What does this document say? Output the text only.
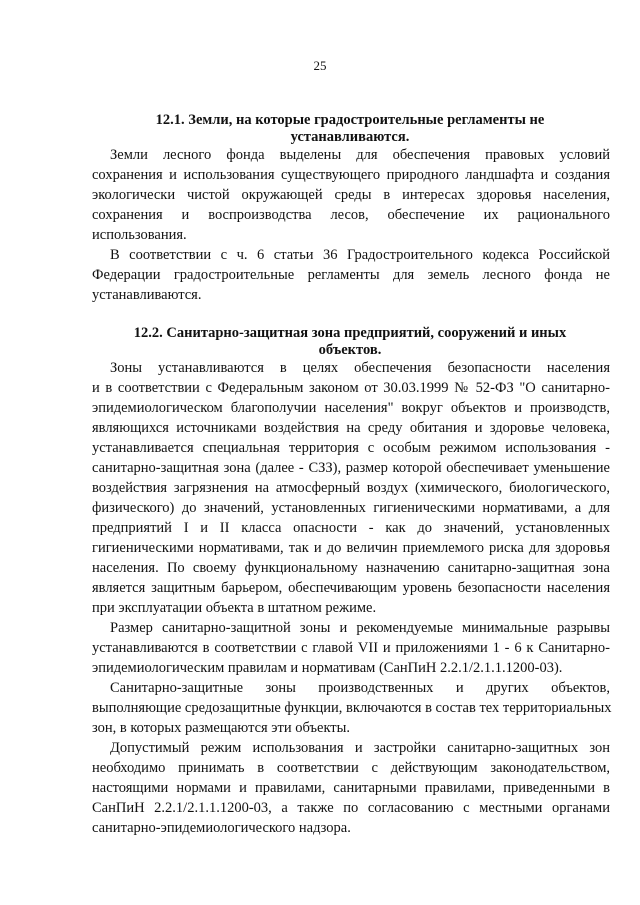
25
12.1. Земли, на которые градостроительные регламенты не
устанавливаются.
Земли лесного фонда выделены для обеспечения правовых условий
сохранения и использования существующего природного ландшафта и создания
экологически чистой окружающей среды в интересах здоровья населения,
сохранения и воспроизводства лесов, обеспечение их рационального
использования.
В соответствии с ч. 6 статьи 36 Градостроительного кодекса Российской
Федерации градостроительные регламенты для земель лесного фонда не
устанавливаются.
12.2. Санитарно-защитная зона предприятий, сооружений и иных
объектов.
Зоны устанавливаются в целях обеспечения безопасности населения
и в соответствии с Федеральным законом от 30.03.1999 № 52-ФЗ "О санитарно-
эпидемиологическом благополучии населения" вокруг объектов и производств,
являющихся источниками воздействия на среду обитания и здоровье человека,
устанавливается специальная территория с особым режимом использования -
санитарно-защитная зона (далее - СЗЗ), размер которой обеспечивает уменьшение
воздействия загрязнения на атмосферный воздух (химического, биологического,
физического) до значений, установленных гигиеническими нормативами, а для
предприятий I и II класса опасности - как до значений, установленных
гигиеническими нормативами, так и до величин приемлемого риска для здоровья
населения. По своему функциональному назначению санитарно-защитная зона
является защитным барьером, обеспечивающим уровень безопасности населения
при эксплуатации объекта в штатном режиме.
Размер санитарно-защитной зоны и рекомендуемые минимальные разрывы
устанавливаются в соответствии с главой VII и приложениями 1 - 6 к Санитарно-
эпидемиологическим правилам и нормативам (СанПиН 2.2.1/2.1.1.1200-03).
Санитарно-защитные зоны производственных и других объектов,
выполняющие средозащитные функции, включаются в состав тех территориальных
зон, в которых размещаются эти объекты.
Допустимый режим использования и застройки санитарно-защитных зон
необходимо принимать в соответствии с действующим законодательством,
настоящими нормами и правилами, санитарными правилами, приведенными в
СанПиН 2.2.1/2.1.1.1200-03, а также по согласованию с местными органами
санитарно-эпидемиологического надзора.
